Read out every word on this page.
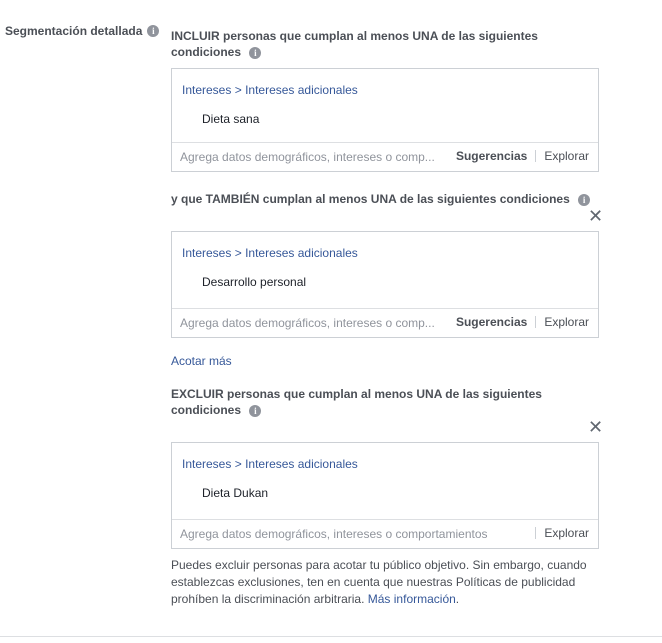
Segmentación detallada	i	INCLUIR personas que cumplan al menos UNA de las siguientes
condiciones i
Intereses > Intereses adicionales
Dieta sana
Agrega datos demográficos, intereses o comp... Sugerencias Explorar
y que TAMBIÉN cumplan al menos UNA de las siguientes condiciones i
✕
Intereses > Intereses adicionales
Desarrollo personal
Agrega datos demográficos, intereses o comp... Sugerencias Explorar
Acotar más
EXCLUIR personas que cumplan al menos UNA de las siguientes
condiciones i
✕
Intereses > Intereses adicionales
Dieta Dukan
Agrega datos demográficos, intereses o comportamientos	Explorar
Puedes excluir personas para acotar tu público objetivo. Sin embargo, cuando establezcas exclusiones, ten en cuenta que nuestras Políticas de publicidad prohíben la discriminación arbitraria. Más información.
